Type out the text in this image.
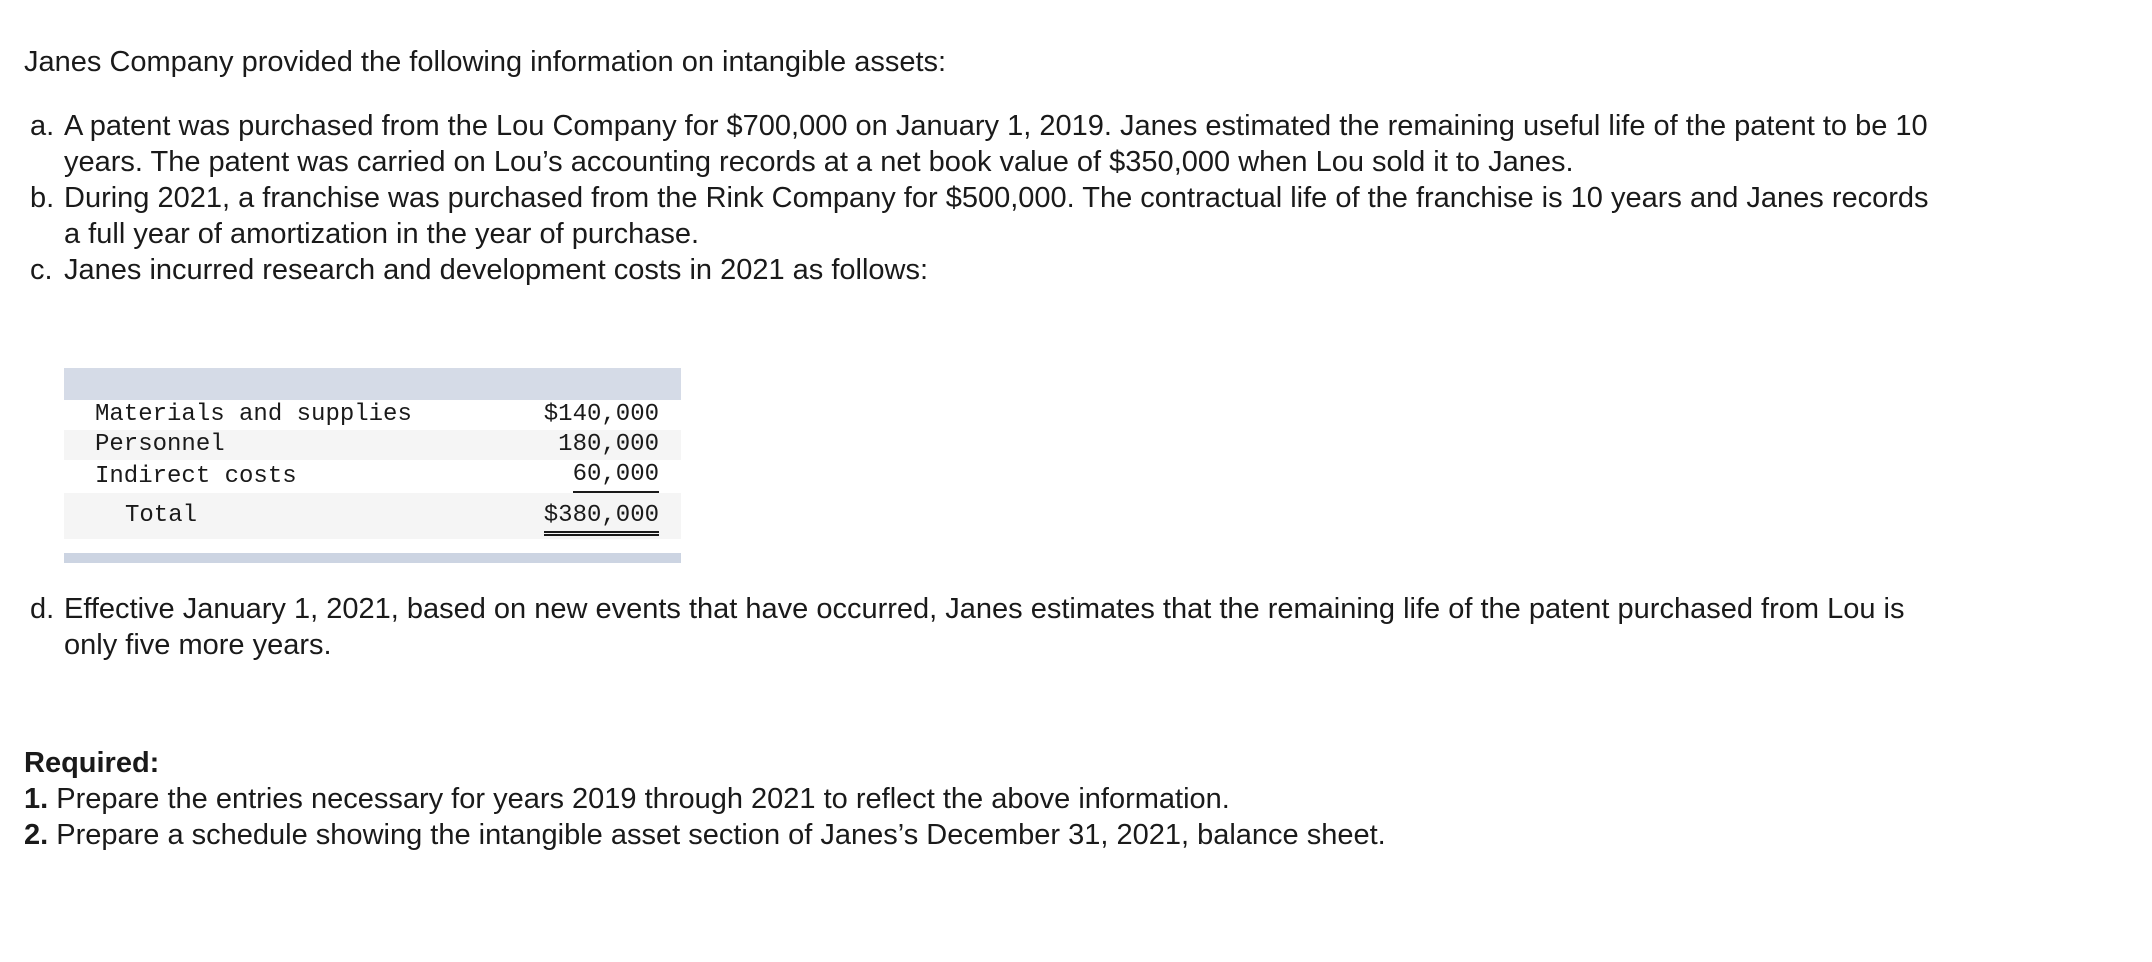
Janes Company provided the following information on intangible assets:

a. A patent was purchased from the Lou Company for $700,000 on January 1, 2019. Janes estimated the remaining useful life of the patent to be 10 years. The patent was carried on Lou’s accounting records at a net book value of $350,000 when Lou sold it to Janes.
b. During 2021, a franchise was purchased from the Rink Company for $500,000. The contractual life of the franchise is 10 years and Janes records a full year of amortization in the year of purchase.
c. Janes incurred research and development costs in 2021 as follows:
Materials and supplies	$140,000
Personnel	180,000
Indirect costs	60,000
Total	$380,000
d. Effective January 1, 2021, based on new events that have occurred, Janes estimates that the remaining life of the patent purchased from Lou is only five more years.
Required:
1. Prepare the entries necessary for years 2019 through 2021 to reflect the above information.
2. Prepare a schedule showing the intangible asset section of Janes’s December 31, 2021, balance sheet.
